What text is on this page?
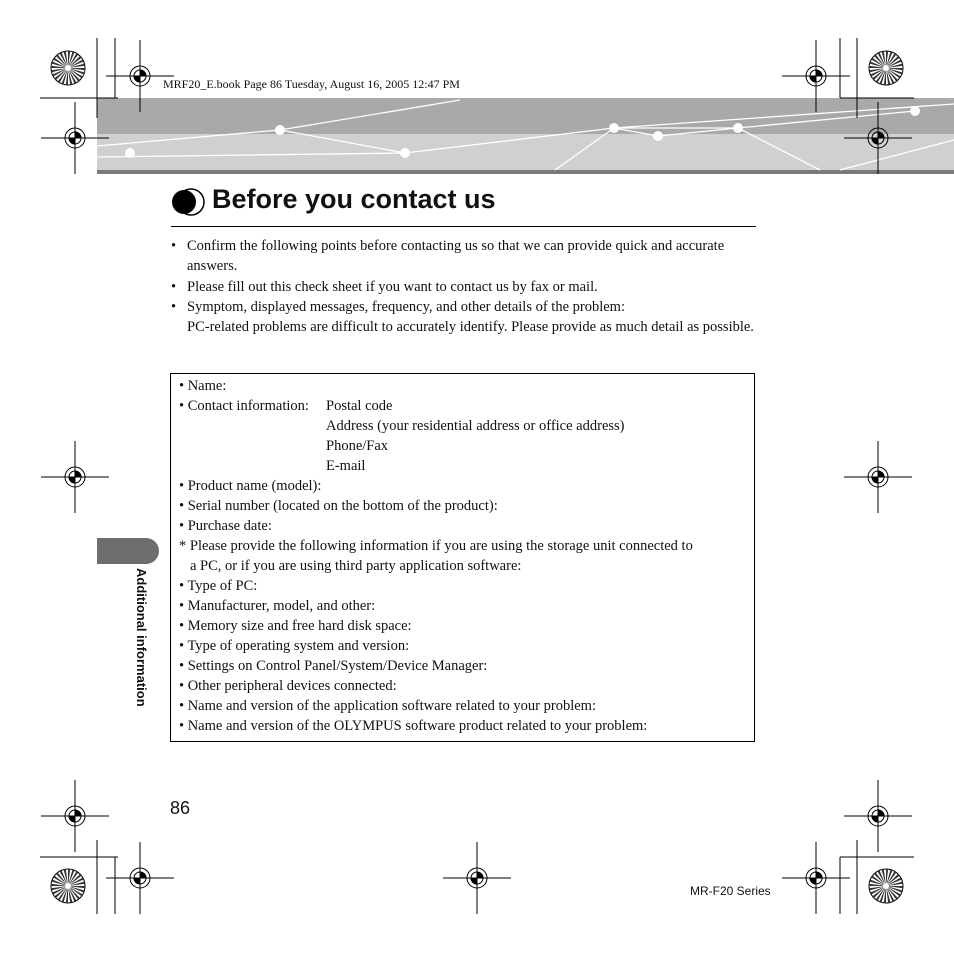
MRF20_E.book Page 86 Tuesday, August 16, 2005 12:47 PM
Before you contact us
• Confirm the following points before contacting us so that we can provide quick and accurate answers.
• Please fill out this check sheet if you want to contact us by fax or mail.
• Symptom, displayed messages, frequency, and other details of the problem:
PC-related problems are difficult to accurately identify. Please provide as much detail as possible.
• Name:
• Contact information: Postal code
Address (your residential address or office address)
Phone/Fax
E-mail
• Product name (model):
• Serial number (located on the bottom of the product):
• Purchase date:
* Please provide the following information if you are using the storage unit connected to
a PC, or if you are using third party application software:
• Type of PC:
• Manufacturer, model, and other:
• Memory size and free hard disk space:
• Type of operating system and version:
• Settings on Control Panel/System/Device Manager:
• Other peripheral devices connected:
• Name and version of the application software related to your problem:
• Name and version of the OLYMPUS software product related to your problem:
Additional information
86
MR-F20 Series
